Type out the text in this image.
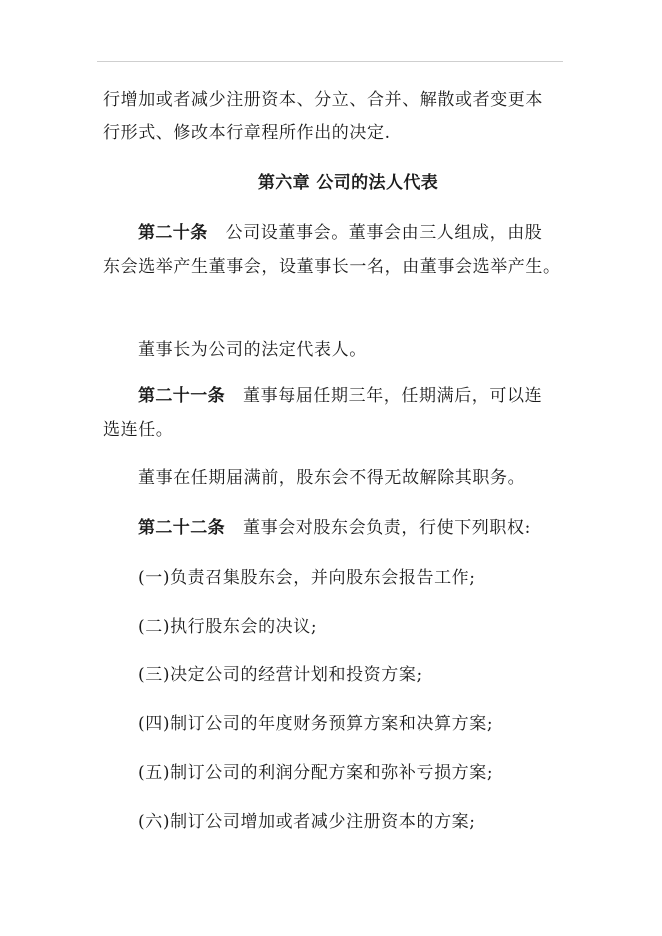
行增加或者减少注册资本、分立、合并、解散或者变更本
行形式、修改本行章程所作出的决定.
第六章 公司的法人代表
第二十条 公司设董事会。董事会由三人组成，由股
东会选举产生董事会，设董事长一名，由董事会选举产生。
董事长为公司的法定代表人。
第二十一条 董事每届任期三年，任期满后，可以连
选连任。
董事在任期届满前，股东会不得无故解除其职务。
第二十二条 董事会对股东会负责，行使下列职权:
(一)负责召集股东会，并向股东会报告工作;
(二)执行股东会的决议;
(三)决定公司的经营计划和投资方案;
(四)制订公司的年度财务预算方案和决算方案;
(五)制订公司的利润分配方案和弥补亏损方案;
(六)制订公司增加或者减少注册资本的方案;
